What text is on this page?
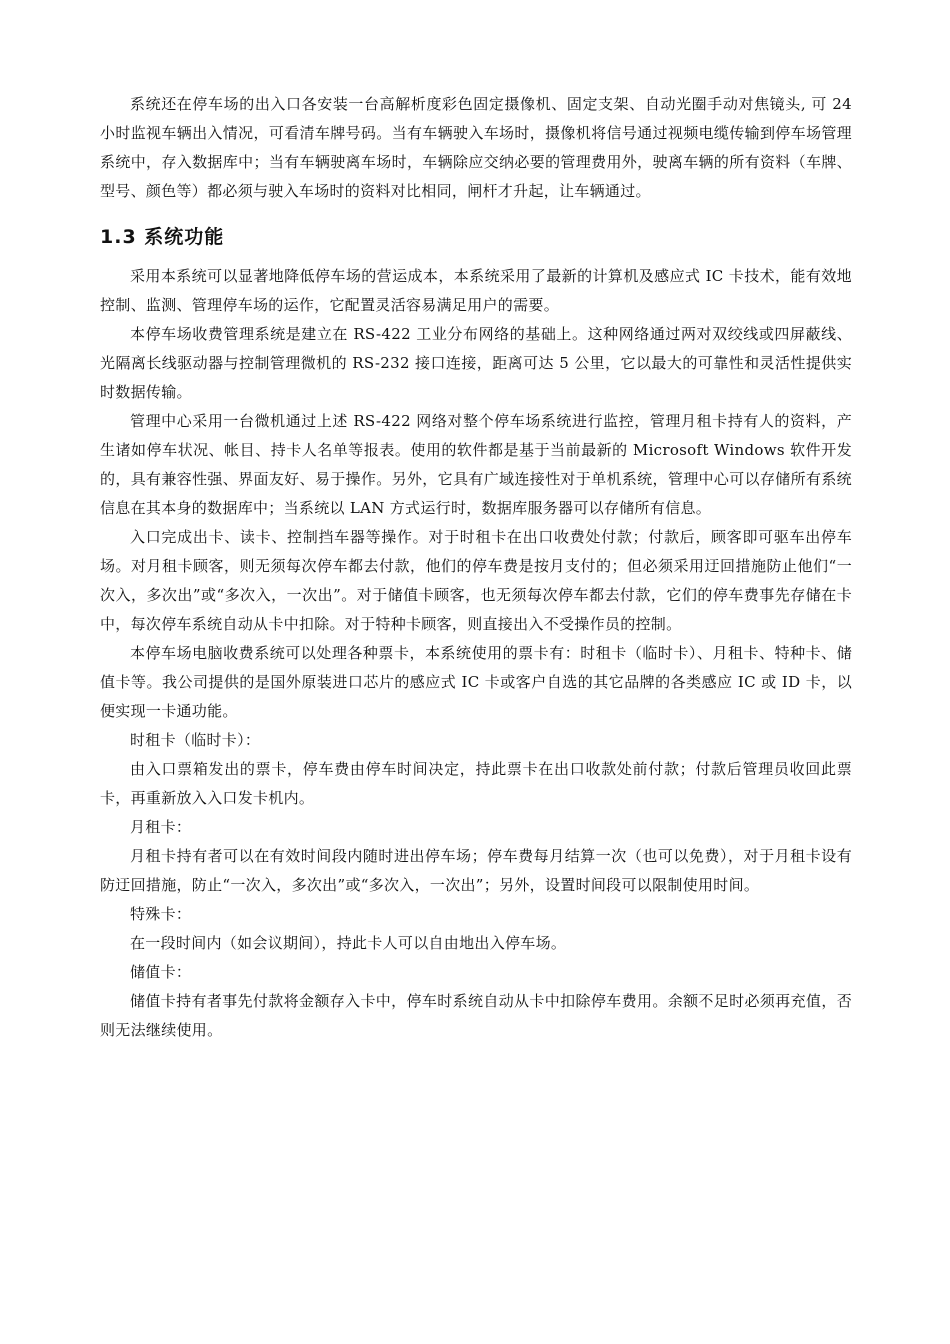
系统还在停车场的出入口各安装一台高解析度彩色固定摄像机、固定支架、自动光圈手动对焦镜头, 可 24 小时监视车辆出入情况，可看清车牌号码。当有车辆驶入车场时，摄像机将信号通过视频电缆传输到停车场管理系统中，存入数据库中；当有车辆驶离车场时，车辆除应交纳必要的管理费用外，驶离车辆的所有资料（车牌、型号、颜色等）都必须与驶入车场时的资料对比相同，闸杆才升起，让车辆通过。

1.3 系统功能

采用本系统可以显著地降低停车场的营运成本，本系统采用了最新的计算机及感应式 IC 卡技术，能有效地控制、监测、管理停车场的运作，它配置灵活容易满足用户的需要。

本停车场收费管理系统是建立在 RS-422 工业分布网络的基础上。这种网络通过两对双绞线或四屏蔽线、光隔离长线驱动器与控制管理微机的 RS-232 接口连接，距离可达 5 公里，它以最大的可靠性和灵活性提供实时数据传输。

管理中心采用一台微机通过上述 RS-422 网络对整个停车场系统进行监控，管理月租卡持有人的资料，产生诸如停车状况、帐目、持卡人名单等报表。使用的软件都是基于当前最新的 Microsoft Windows 软件开发的，具有兼容性强、界面友好、易于操作。另外，它具有广域连接性对于单机系统，管理中心可以存储所有系统信息在其本身的数据库中；当系统以 LAN 方式运行时，数据库服务器可以存储所有信息。

入口完成出卡、读卡、控制挡车器等操作。对于时租卡在出口收费处付款；付款后，顾客即可驱车出停车场。对月租卡顾客，则无须每次停车都去付款，他们的停车费是按月支付的；但必须采用迂回措施防止他们“一次入，多次出”或“多次入，一次出”。对于储值卡顾客，也无须每次停车都去付款，它们的停车费事先存储在卡中，每次停车系统自动从卡中扣除。对于特种卡顾客，则直接出入不受操作员的控制。

本停车场电脑收费系统可以处理各种票卡，本系统使用的票卡有：时租卡（临时卡）、月租卡、特种卡、储值卡等。我公司提供的是国外原装进口芯片的感应式 IC 卡或客户自选的其它品牌的各类感应 IC 或 ID 卡，以便实现一卡通功能。

时租卡（临时卡）：

由入口票箱发出的票卡，停车费由停车时间决定，持此票卡在出口收款处前付款；付款后管理员收回此票卡，再重新放入入口发卡机内。

月租卡：

月租卡持有者可以在有效时间段内随时进出停车场；停车费每月结算一次（也可以免费），对于月租卡设有防迂回措施，防止“一次入，多次出”或“多次入，一次出”；另外，设置时间段可以限制使用时间。

特殊卡：

在一段时间内（如会议期间），持此卡人可以自由地出入停车场。

储值卡：

储值卡持有者事先付款将金额存入卡中，停车时系统自动从卡中扣除停车费用。余额不足时必须再充值，否则无法继续使用。
